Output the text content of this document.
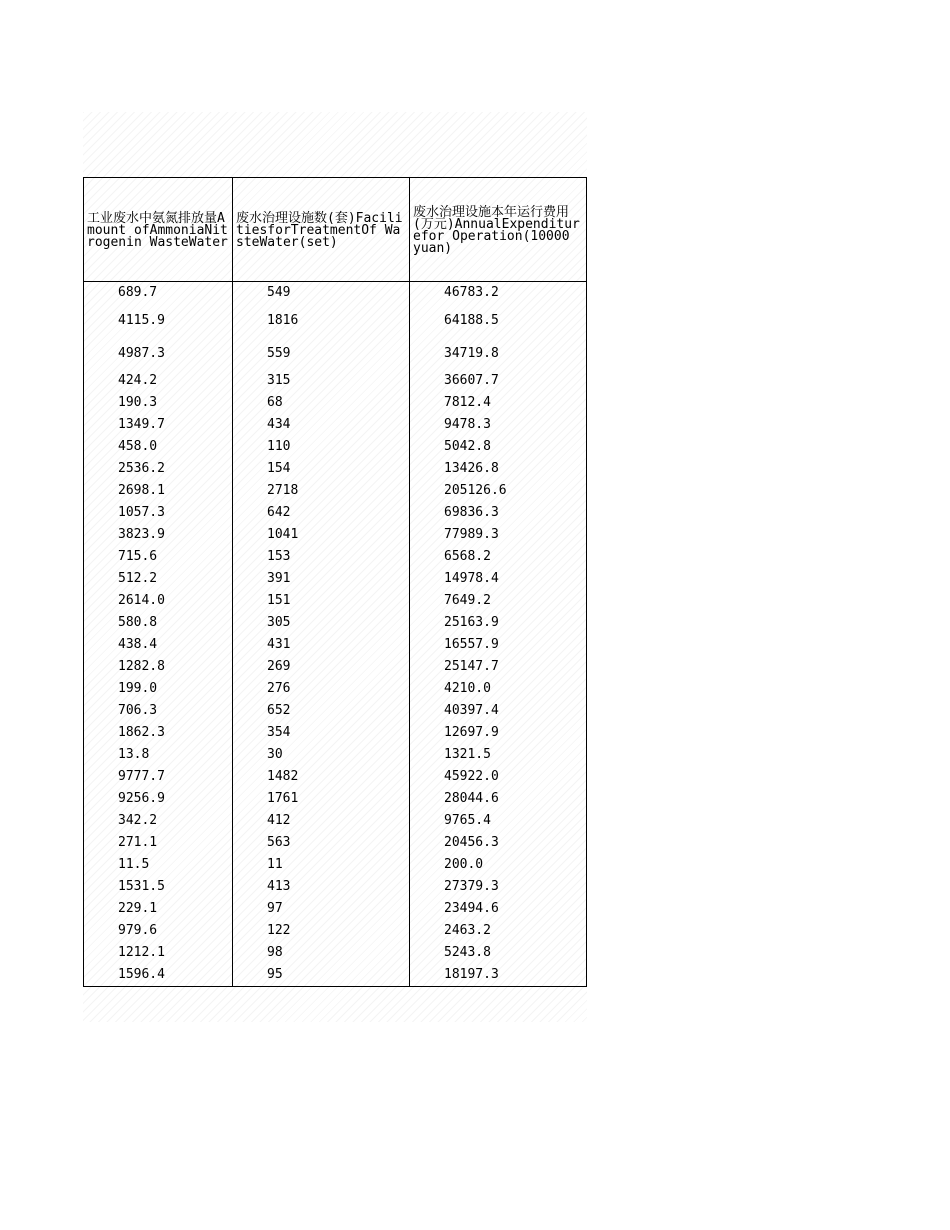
工业废水中氨氮排放量Amount ofAmmoniaNitrogenin WasteWater	废水治理设施数(套)FacilitiesforTreatmentOf WasteWater(set)	废水治理设施本年运行费用(万元)AnnualExpenditurefor Operation(10000 yuan)
689.7	549	46783.2
4115.9	1816	64188.5
4987.3	559	34719.8
424.2	315	36607.7
190.3	68	7812.4
1349.7	434	9478.3
458.0	110	5042.8
2536.2	154	13426.8
2698.1	2718	205126.6
1057.3	642	69836.3
3823.9	1041	77989.3
715.6	153	6568.2
512.2	391	14978.4
2614.0	151	7649.2
580.8	305	25163.9
438.4	431	16557.9
1282.8	269	25147.7
199.0	276	4210.0
706.3	652	40397.4
1862.3	354	12697.9
13.8	30	1321.5
9777.7	1482	45922.0
9256.9	1761	28044.6
342.2	412	9765.4
271.1	563	20456.3
11.5	11	200.0
1531.5	413	27379.3
229.1	97	23494.6
979.6	122	2463.2
1212.1	98	5243.8
1596.4	95	18197.3
